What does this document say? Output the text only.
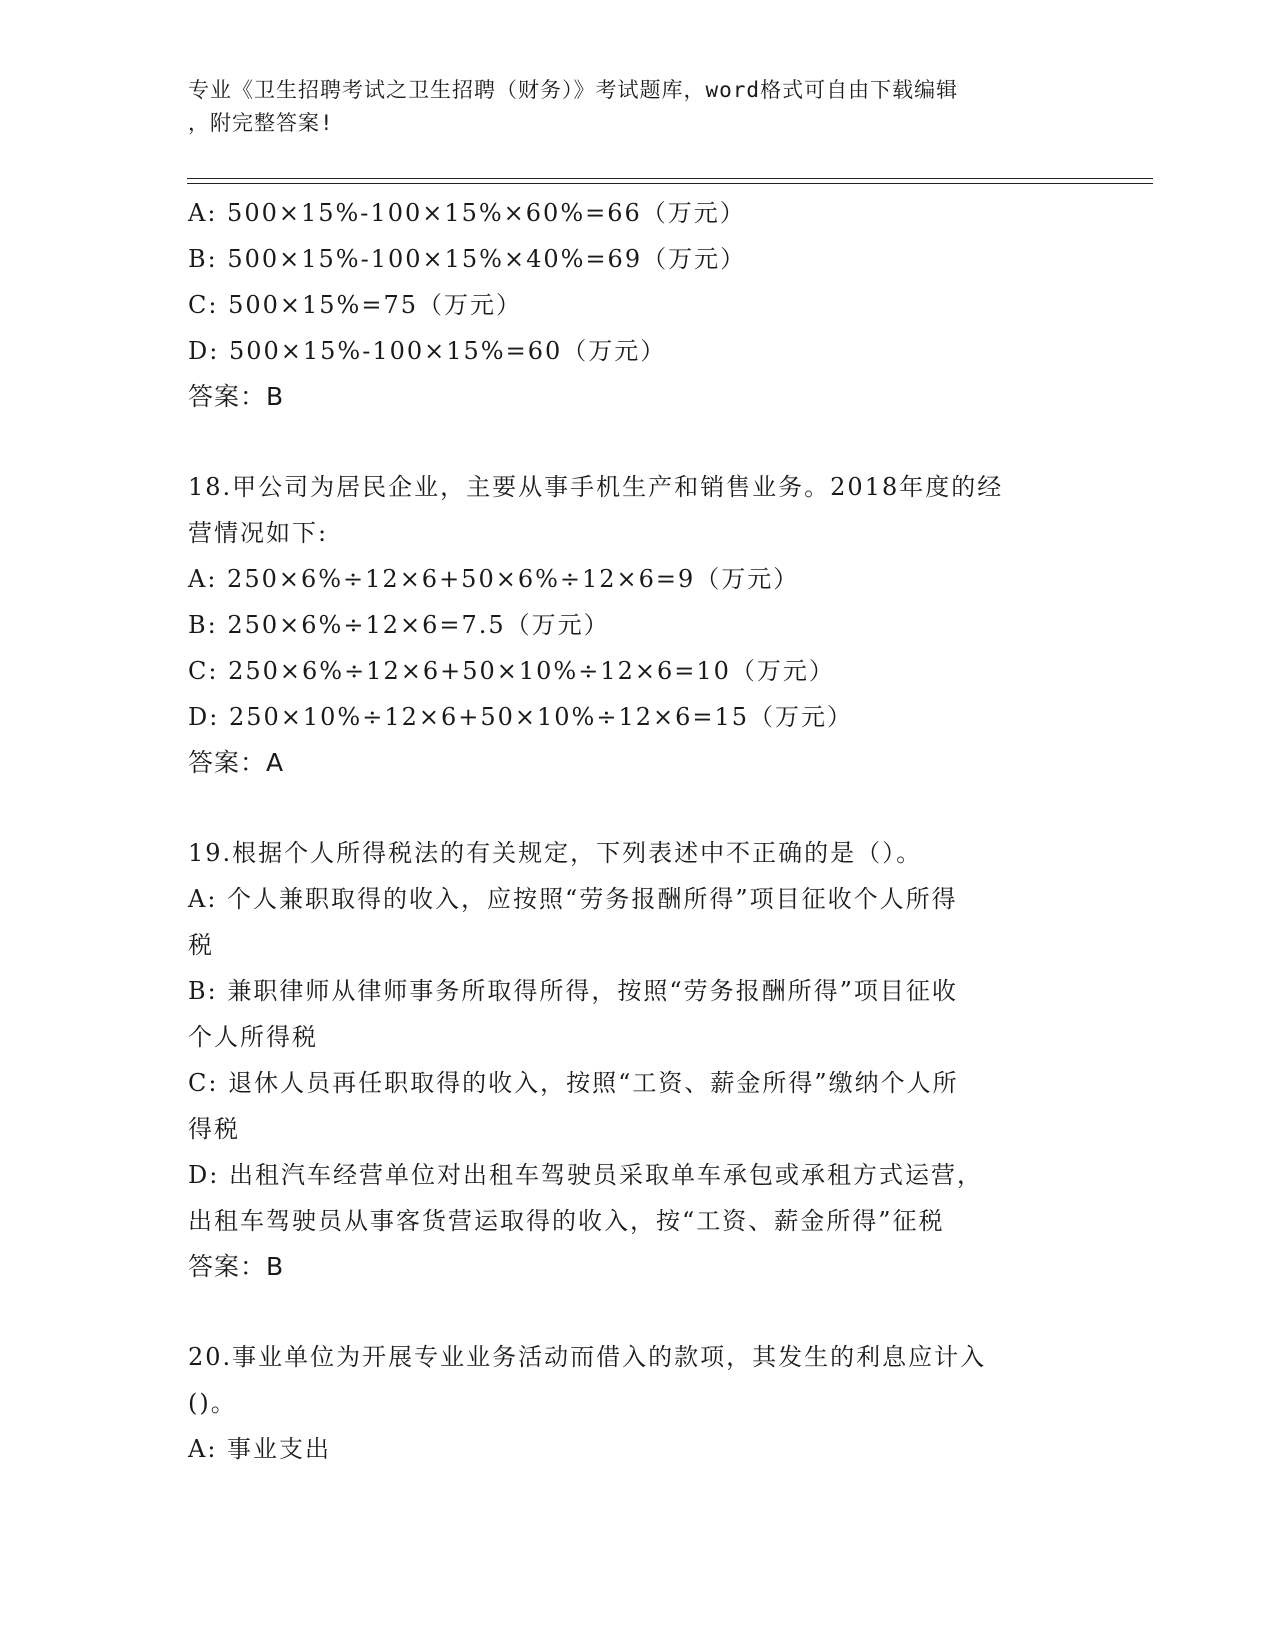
专业《卫生招聘考试之卫生招聘（财务）》考试题库，word格式可自由下载编辑
，附完整答案!
A: 500×15%-100×15%×60%=66（万元）
B: 500×15%-100×15%×40%=69（万元）
C: 500×15%=75（万元）
D: 500×15%-100×15%=60（万元）
答案：B
18.甲公司为居民企业，主要从事手机生产和销售业务。2018年度的经
营情况如下:
A: 250×6%÷12×6+50×6%÷12×6=9（万元）
B: 250×6%÷12×6=7.5（万元）
C: 250×6%÷12×6+50×10%÷12×6=10（万元）
D: 250×10%÷12×6+50×10%÷12×6=15（万元）
答案：A
19.根据个人所得税法的有关规定，下列表述中不正确的是（）。
A: 个人兼职取得的收入，应按照“劳务报酬所得”项目征收个人所得
税
B: 兼职律师从律师事务所取得所得，按照“劳务报酬所得”项目征收
个人所得税
C: 退休人员再任职取得的收入，按照“工资、薪金所得”缴纳个人所
得税
D: 出租汽车经营单位对出租车驾驶员采取单车承包或承租方式运营，
出租车驾驶员从事客货营运取得的收入，按“工资、薪金所得”征税
答案：B
20.事业单位为开展专业业务活动而借入的款项，其发生的利息应计入
()。
A: 事业支出
